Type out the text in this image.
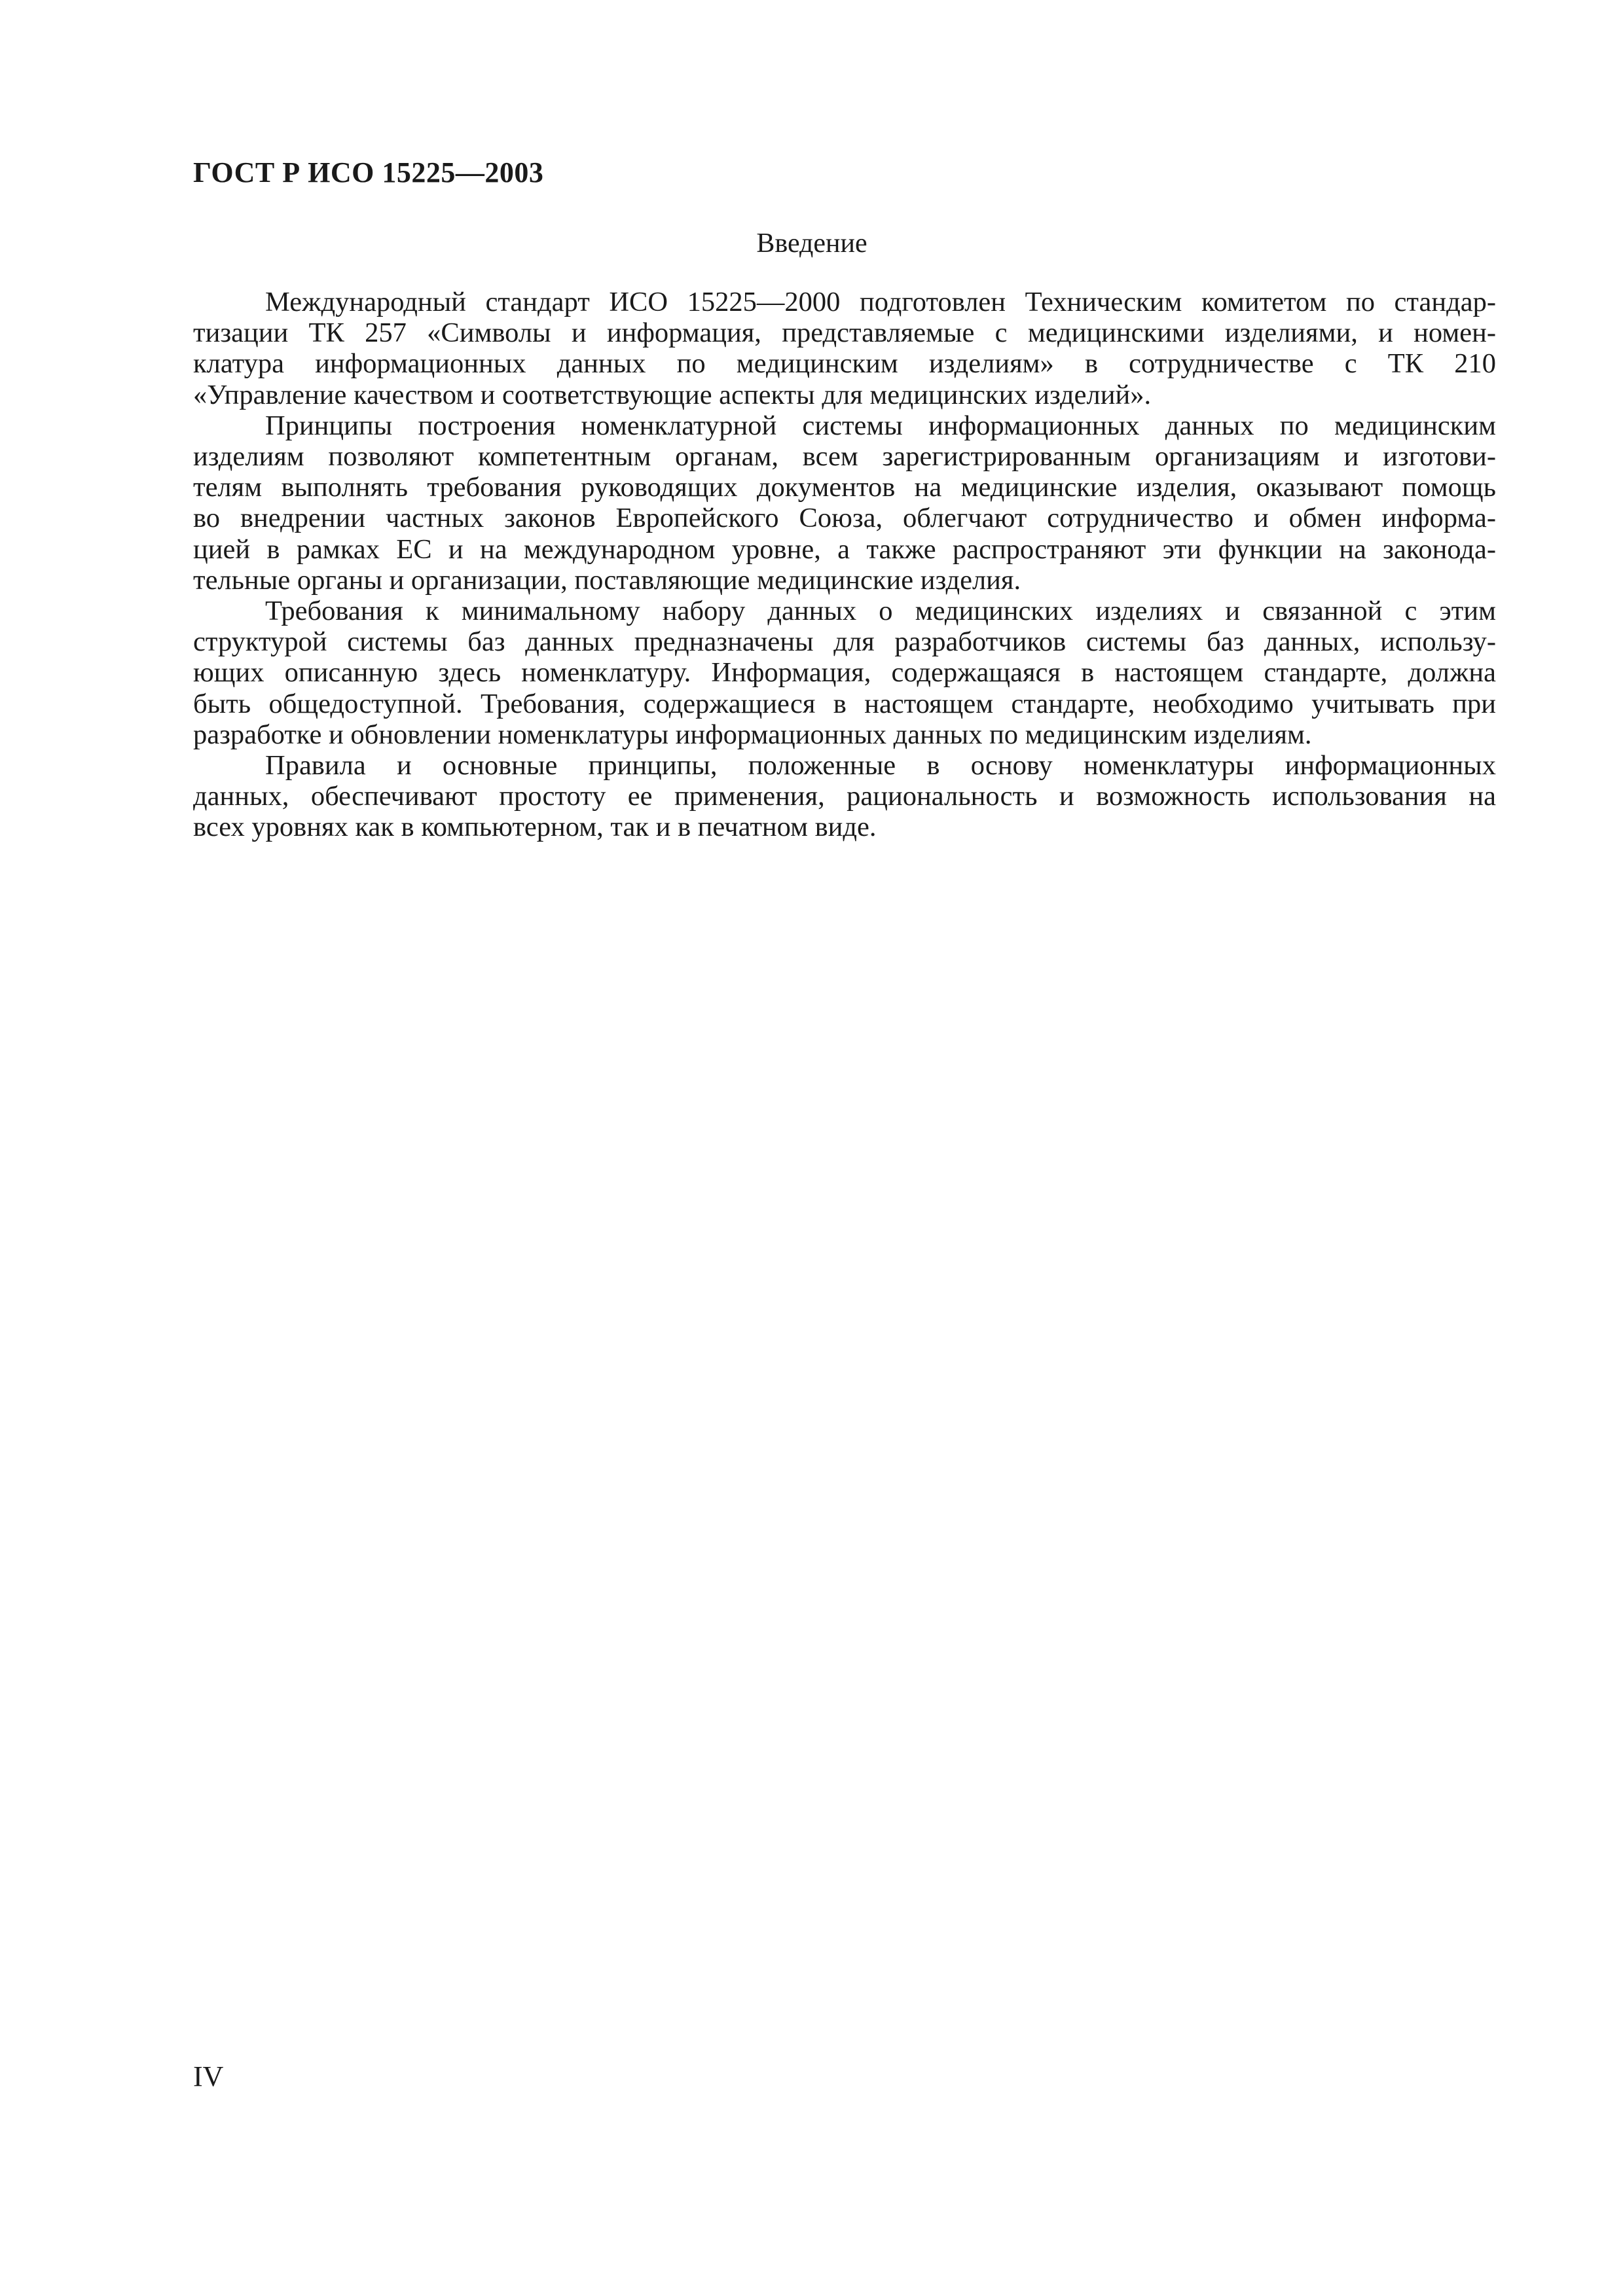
ГОСТ Р ИСО 15225—2003
Введение
Международный стандарт ИСО 15225—2000 подготовлен Техническим комитетом по стандар-
тизации ТК 257 «Символы и информация, представляемые с медицинскими изделиями, и номен-
клатура информационных данных по медицинским изделиям» в сотрудничестве с ТК 210
«Управление качеством и соответствующие аспекты для медицинских изделий».
Принципы построения номенклатурной системы информационных данных по медицинским
изделиям позволяют компетентным органам, всем зарегистрированным организациям и изготови-
телям выполнять требования руководящих документов на медицинские изделия, оказывают помощь
во внедрении частных законов Европейского Союза, облегчают сотрудничество и обмен информа-
цией в рамках ЕС и на международном уровне, а также распространяют эти функции на законода-
тельные органы и организации, поставляющие медицинские изделия.
Требования к минимальному набору данных о медицинских изделиях и связанной с этим
структурой системы баз данных предназначены для разработчиков системы баз данных, использу-
ющих описанную здесь номенклатуру. Информация, содержащаяся в настоящем стандарте, должна
быть общедоступной. Требования, содержащиеся в настоящем стандарте, необходимо учитывать при
разработке и обновлении номенклатуры информационных данных по медицинским изделиям.
Правила и основные принципы, положенные в основу номенклатуры информационных
данных, обеспечивают простоту ее применения, рациональность и возможность использования на
всех уровнях как в компьютерном, так и в печатном виде.
IV
